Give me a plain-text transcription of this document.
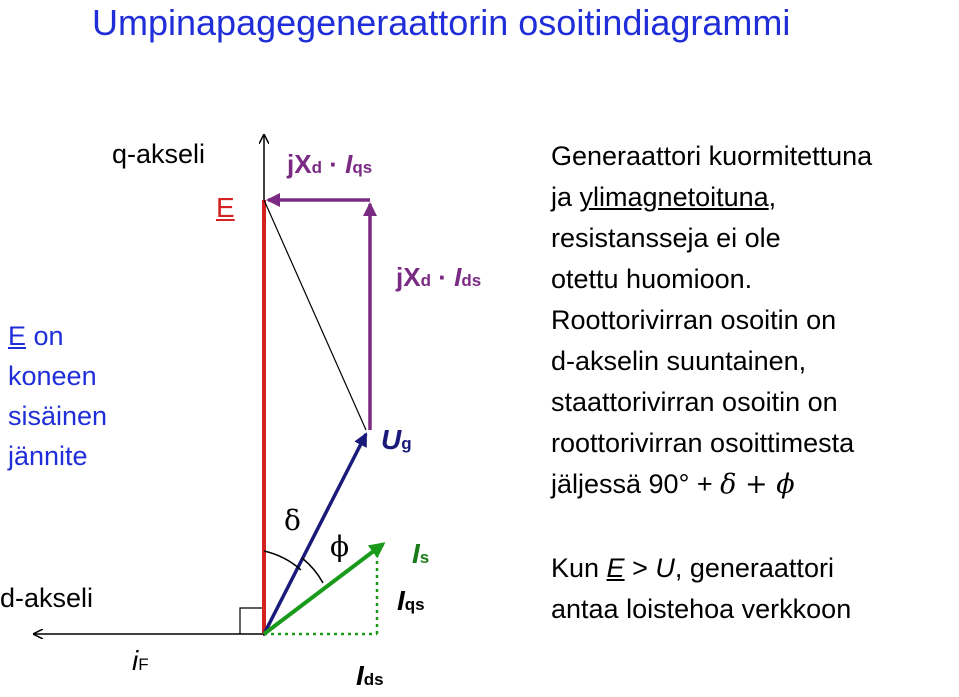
Umpinapagegeneraattorin osoitindiagrammi
q-akseli
d-akseli
E on
koneen
sisäinen
jännite
E
jXd · Iqs
jXd · Ids
Ug
Is
Iqs
Ids
iF
δ
ϕ
Generaattori kuormitettuna
ja ylimagnetoituna,
resistansseja ei ole
otettu huomioon.
Roottorivirran osoitin on
d-akselin suuntainen,
staattorivirran osoitin on
roottorivirran osoittimesta
jäljessä 90° + δ + ϕ
Kun E > U, generaattori
antaa loistehoa verkkoon
